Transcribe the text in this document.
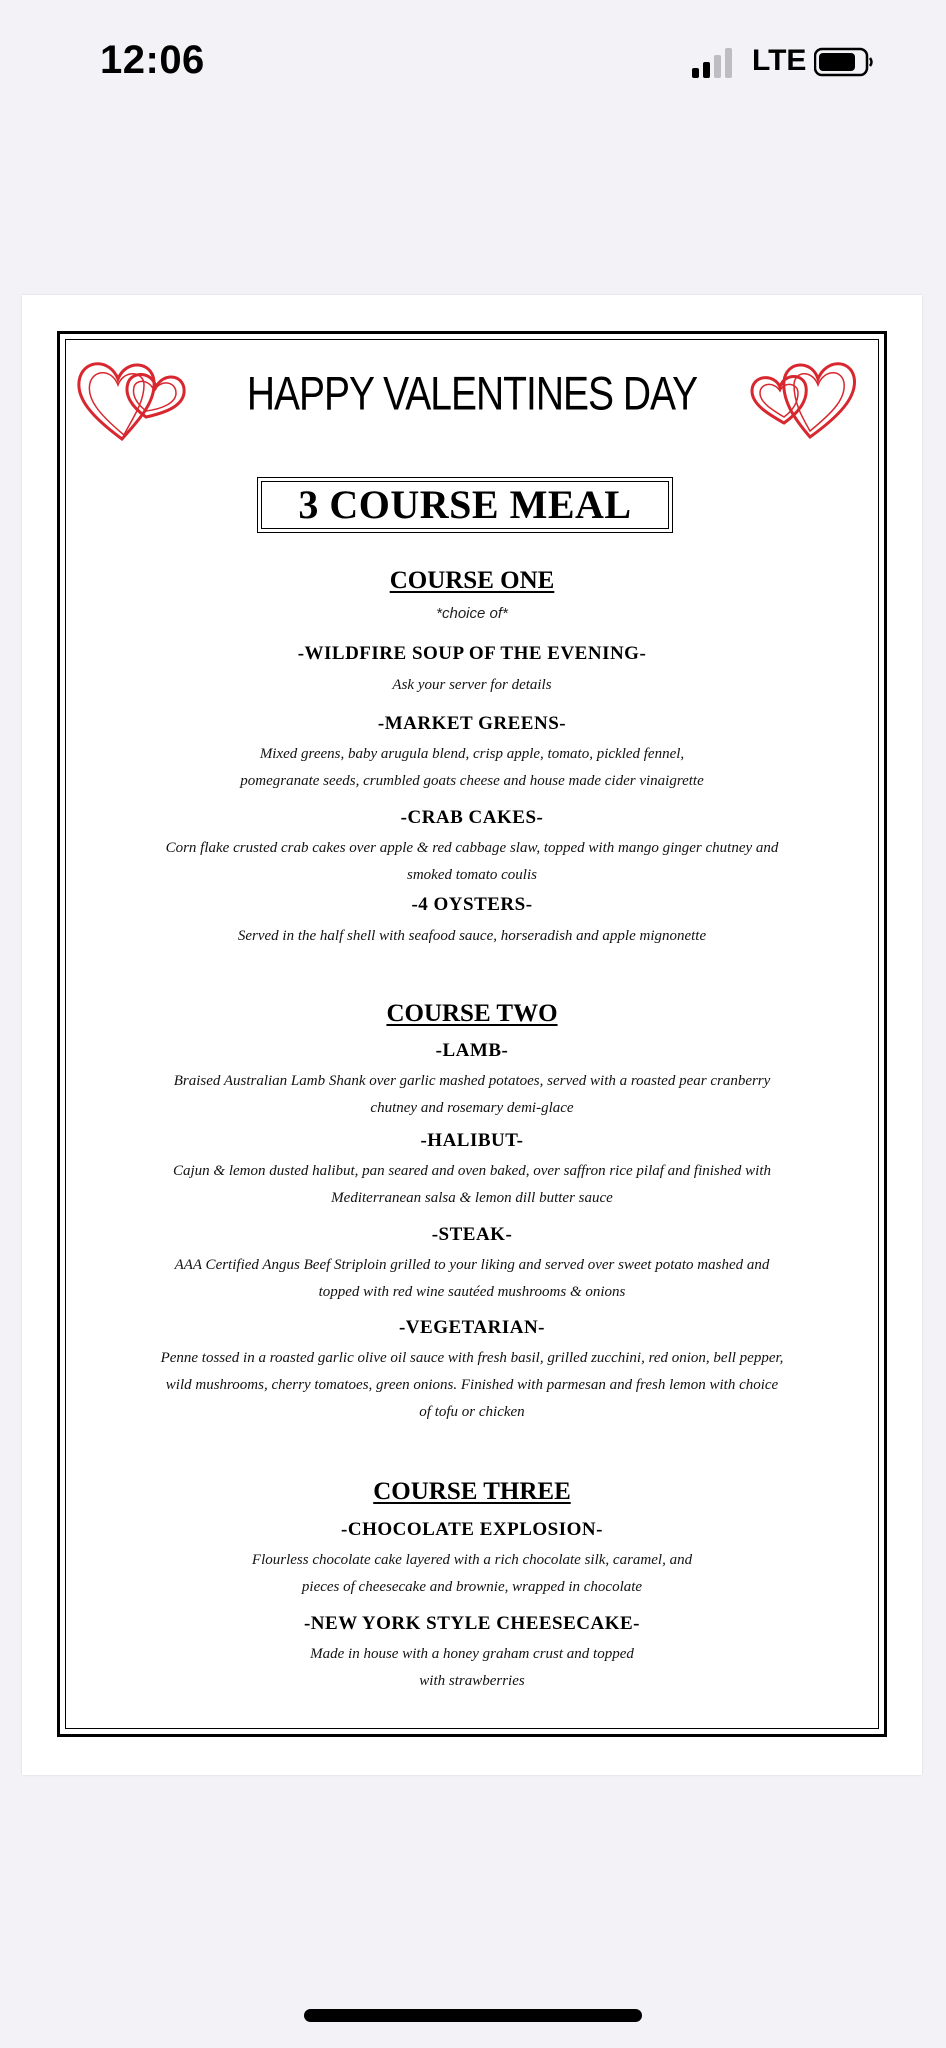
12:06	LTE
HAPPY VALENTINES DAY
3 COURSE MEAL
COURSE ONE
*choice of*
-WILDFIRE SOUP OF THE EVENING-
Ask your server for details
-MARKET GREENS-
Mixed greens, baby arugula blend, crisp apple, tomato, pickled fennel,
pomegranate seeds, crumbled goats cheese and house made cider vinaigrette
-CRAB CAKES-
Corn flake crusted crab cakes over apple & red cabbage slaw, topped with mango ginger chutney and
smoked tomato coulis
-4 OYSTERS-
Served in the half shell with seafood sauce, horseradish and apple mignonette
COURSE TWO
-LAMB-
Braised Australian Lamb Shank over garlic mashed potatoes, served with a roasted pear cranberry
chutney and rosemary demi-glace
-HALIBUT-
Cajun & lemon dusted halibut, pan seared and oven baked, over saffron rice pilaf and finished with
Mediterranean salsa & lemon dill butter sauce
-STEAK-
AAA Certified Angus Beef Striploin grilled to your liking and served over sweet potato mashed and
topped with red wine sautéed mushrooms & onions
-VEGETARIAN-
Penne tossed in a roasted garlic olive oil sauce with fresh basil, grilled zucchini, red onion, bell pepper,
wild mushrooms, cherry tomatoes, green onions. Finished with parmesan and fresh lemon with choice
of tofu or chicken
COURSE THREE
-CHOCOLATE EXPLOSION-
Flourless chocolate cake layered with a rich chocolate silk, caramel, and
pieces of cheesecake and brownie, wrapped in chocolate
-NEW YORK STYLE CHEESECAKE-
Made in house with a honey graham crust and topped
with strawberries
